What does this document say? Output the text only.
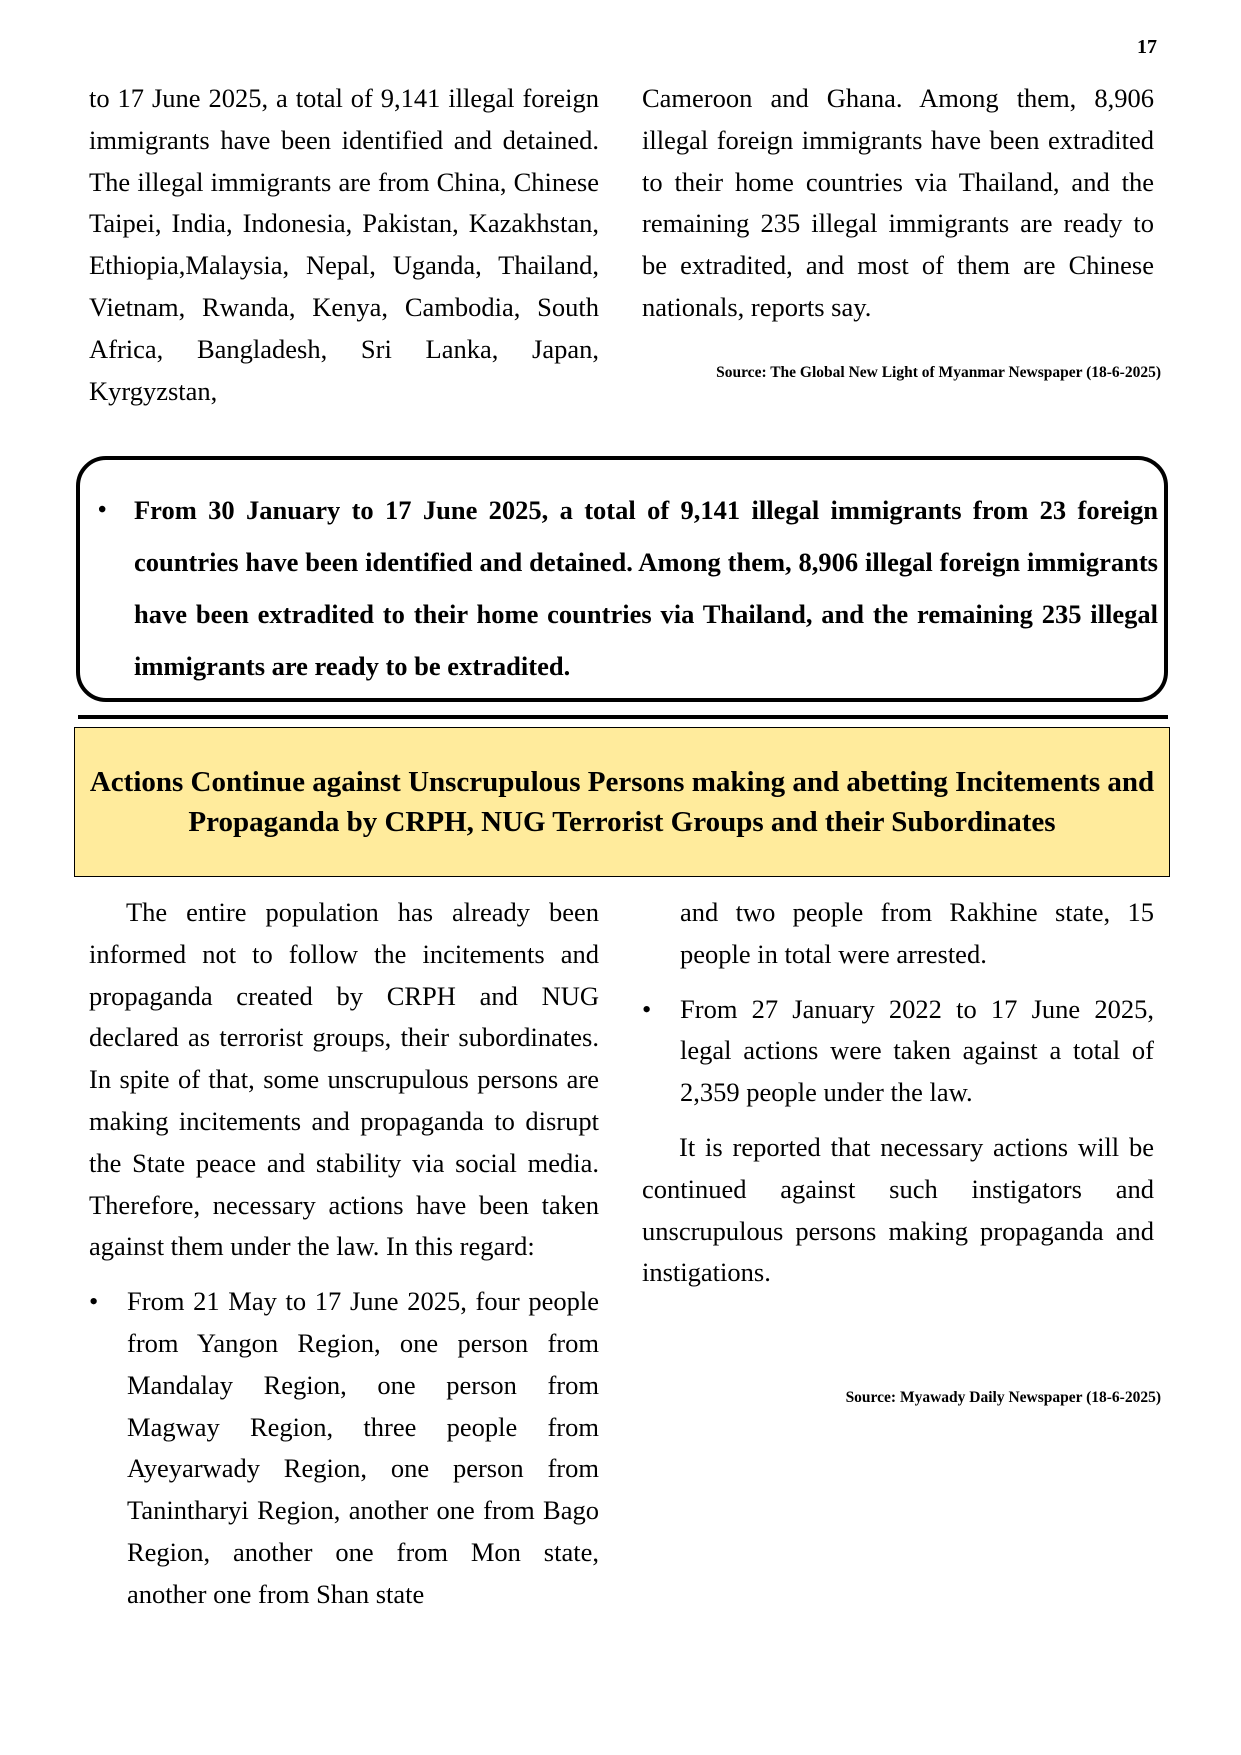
17

to 17 June 2025, a total of 9,141 illegal foreign immigrants have been identified and detained. The illegal immigrants are from China, Chinese Taipei, India, Indonesia, Pakistan, Kazakhstan, Ethiopia,Malaysia, Nepal, Uganda, Thailand, Vietnam, Rwanda, Kenya, Cambodia, South Africa, Bangladesh, Sri Lanka, Japan, Kyrgyzstan,

Cameroon and Ghana. Among them, 8,906 illegal foreign immigrants have been extradited to their home countries via Thailand, and the remaining 235 illegal immigrants are ready to be extradited, and most of them are Chinese nationals, reports say.

Source: The Global New Light of Myanmar Newspaper (18-6-2025)
• From 30 January to 17 June 2025, a total of 9,141 illegal immigrants from 23 foreign countries have been identified and detained. Among them, 8,906 illegal foreign immigrants have been extradited to their home countries via Thailand, and the remaining 235 illegal immigrants are ready to be extradited.
Actions Continue against Unscrupulous Persons making and abetting Incitements and Propaganda by CRPH, NUG Terrorist Groups and their Subordinates

The entire population has already been informed not to follow the incitements and propaganda created by CRPH and NUG declared as terrorist groups, their subordinates. In spite of that, some unscrupulous persons are making incitements and propaganda to disrupt the State peace and stability via social media. Therefore, necessary actions have been taken against them under the law. In this regard:

• From 21 May to 17 June 2025, four people from Yangon Region, one person from Mandalay Region, one person from Magway Region, three people from Ayeyarwady Region, one person from Tanintharyi Region, another one from Bago Region, another one from Mon state, another one from Shan state

and two people from Rakhine state, 15 people in total were arrested.

• From 27 January 2022 to 17 June 2025, legal actions were taken against a total of 2,359 people under the law.

It is reported that necessary actions will be continued against such instigators and unscrupulous persons making propaganda and instigations.

Source: Myawady Daily Newspaper (18-6-2025)
